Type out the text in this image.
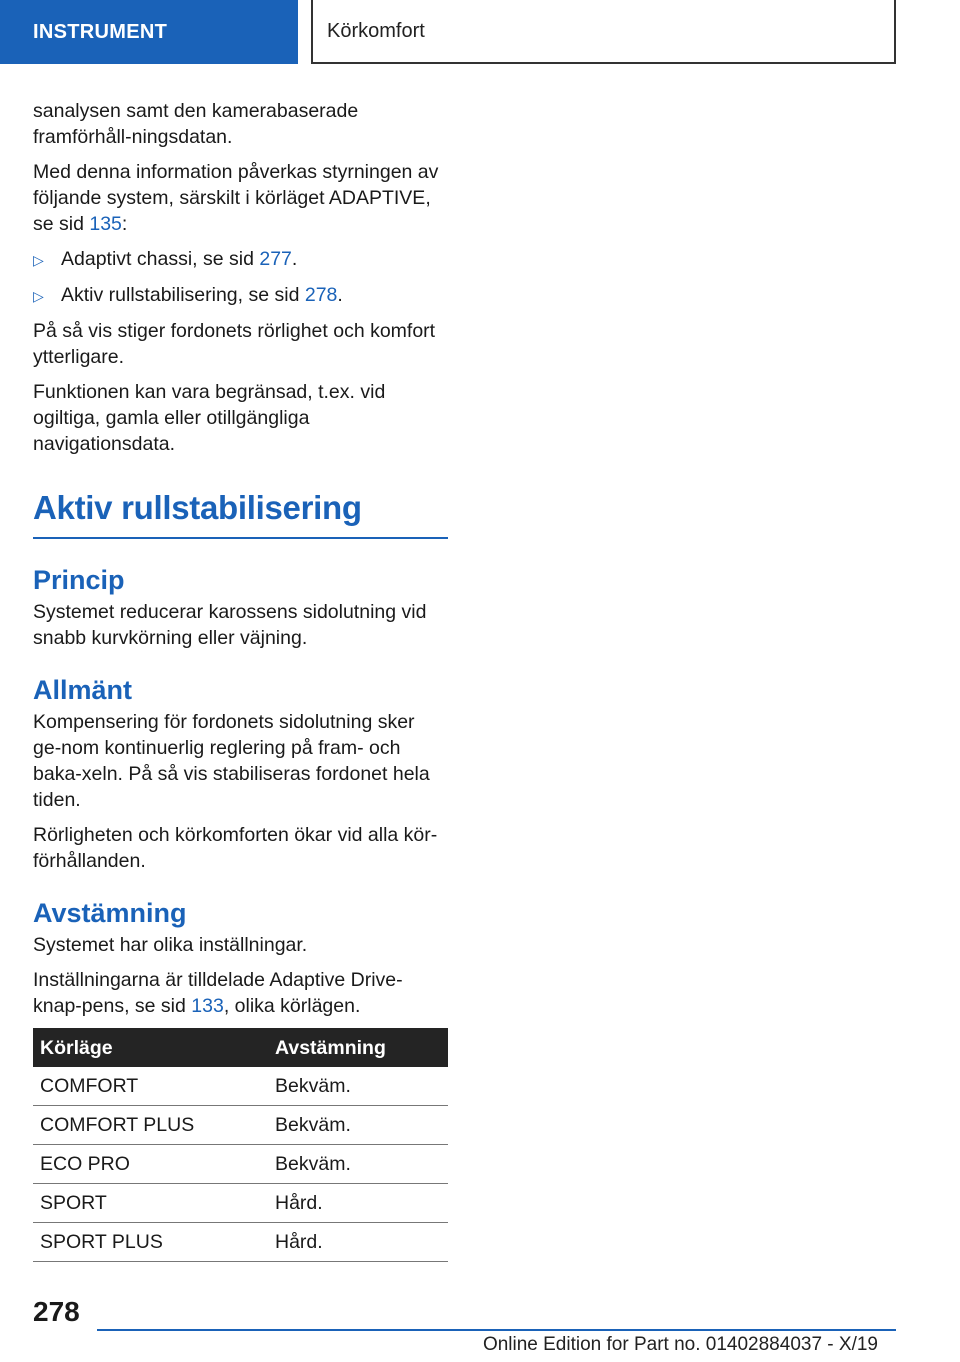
INSTRUMENT	Körkomfort

sanalysen samt den kamerabaserade framförhåll-ningsdatan.

Med denna information påverkas styrningen av följande system, särskilt i körläget ADAPTIVE, se sid 135:

▷ Adaptivt chassi, se sid 277.
▷ Aktiv rullstabilisering, se sid 278.

På så vis stiger fordonets rörlighet och komfort ytterligare.

Funktionen kan vara begränsad, t.ex. vid ogiltiga, gamla eller otillgängliga navigationsdata.

Aktiv rullstabilisering
Princip

Systemet reducerar karossens sidolutning vid snabb kurvkörning eller väjning.

Allmänt

Kompensering för fordonets sidolutning sker ge-nom kontinuerlig reglering på fram- och baka-xeln. På så vis stabiliseras fordonet hela tiden.

Rörligheten och körkomforten ökar vid alla kör-förhållanden.

Avstämning

Systemet har olika inställningar.

Inställningarna är tilldelade Adaptive Drive-knap-pens, se sid 133, olika körlägen.

Körläge	Avstämning
COMFORT	Bekväm.
COMFORT PLUS	Bekväm.
ECO PRO	Bekväm.
SPORT	Hård.
SPORT PLUS	Hård.
278
Online Edition for Part no. 01402884037 - X/19
